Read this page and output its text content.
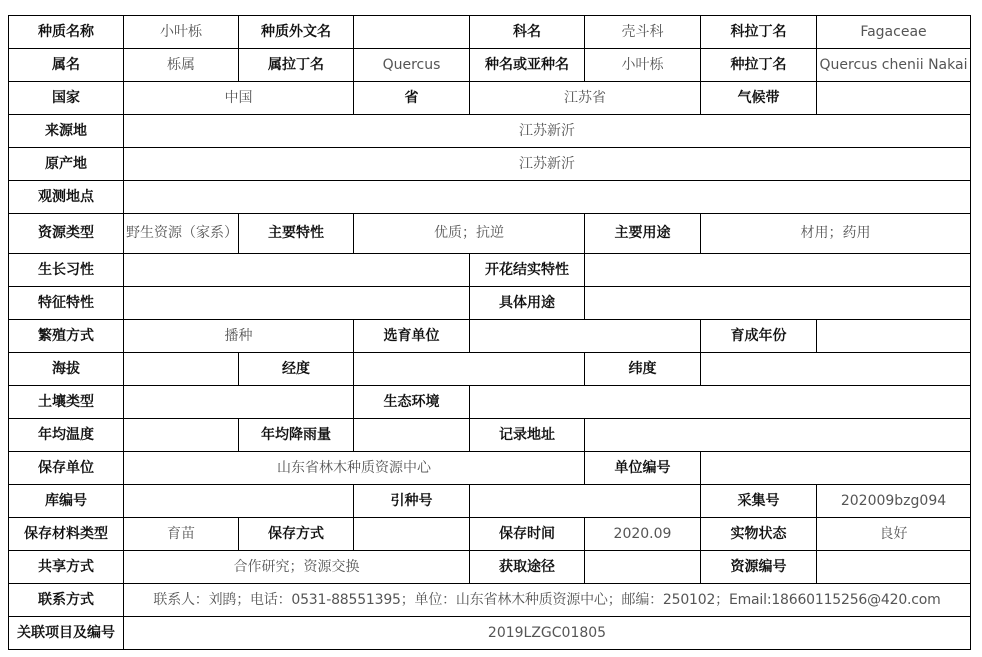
种质名称	小叶栎	种质外文名		科名	壳斗科	科拉丁名	Fagaceae
属名	栎属	属拉丁名	Quercus	种名或亚种名	小叶栎	种拉丁名	Quercus chenii Nakai
国家	中国		省	江苏省		气候带	
来源地	江苏新沂						
原产地	江苏新沂						
观测地点							
资源类型	野生资源（家系）	主要特性	优质；抗逆		主要用途	材用；药用	
生长习性				开花结实特性			
特征特性				具体用途			
繁殖方式	播种		选育单位			育成年份	
海拔		经度			纬度		
土壤类型			生态环境				
年均温度		年均降雨量		记录地址			
保存单位	山东省林木种质资源中心				单位编号		
库编号			引种号			采集号	202009bzg094
保存材料类型	育苗	保存方式		保存时间	2020.09	实物状态	良好
共享方式	合作研究；资源交换			获取途径		资源编号	
联系方式	联系人：刘鹍；电话：0531-88551395；单位：山东省林木种质资源中心；邮编：250102；Email:18660115256@420.com						
关联项目及编号	2019LZGC01805						
